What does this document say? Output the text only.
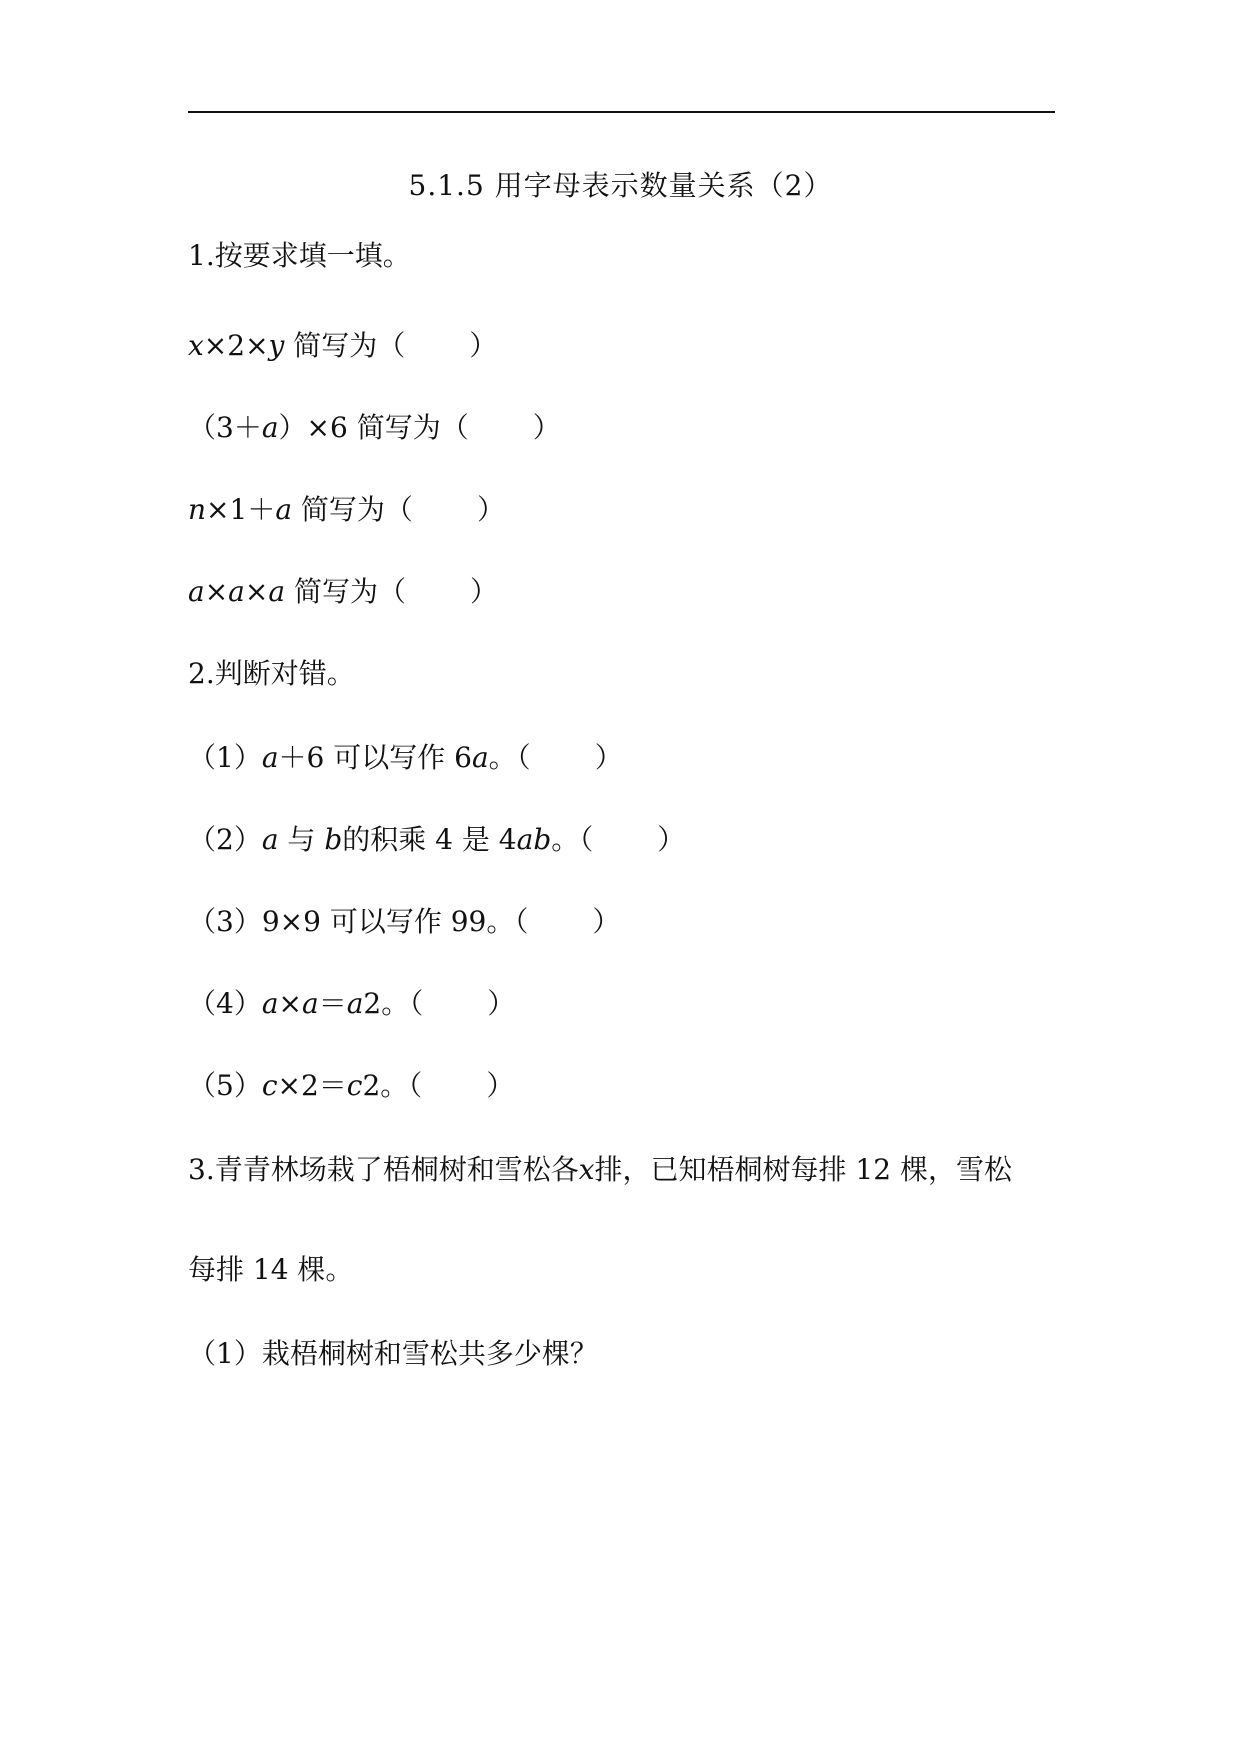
5.1.5 用字母表示数量关系（2）
1.按要求填一填。
x×2×y 简写为（ ）
（3＋a）×6 简写为（ ）
n×1＋a 简写为（ ）
a×a×a 简写为（ ）
2.判断对错。
（1）a＋6 可以写作 6a。（ ）
（2）a 与 b的积乘 4 是 4ab。（ ）
（3）9×9 可以写作 99。（ ）
（4）a×a＝a2。（ ）
（5）c×2＝c2。（ ）
3.青青林场栽了梧桐树和雪松各x排，已知梧桐树每排 12 棵，雪松
每排 14 棵。
（1）栽梧桐树和雪松共多少棵？
